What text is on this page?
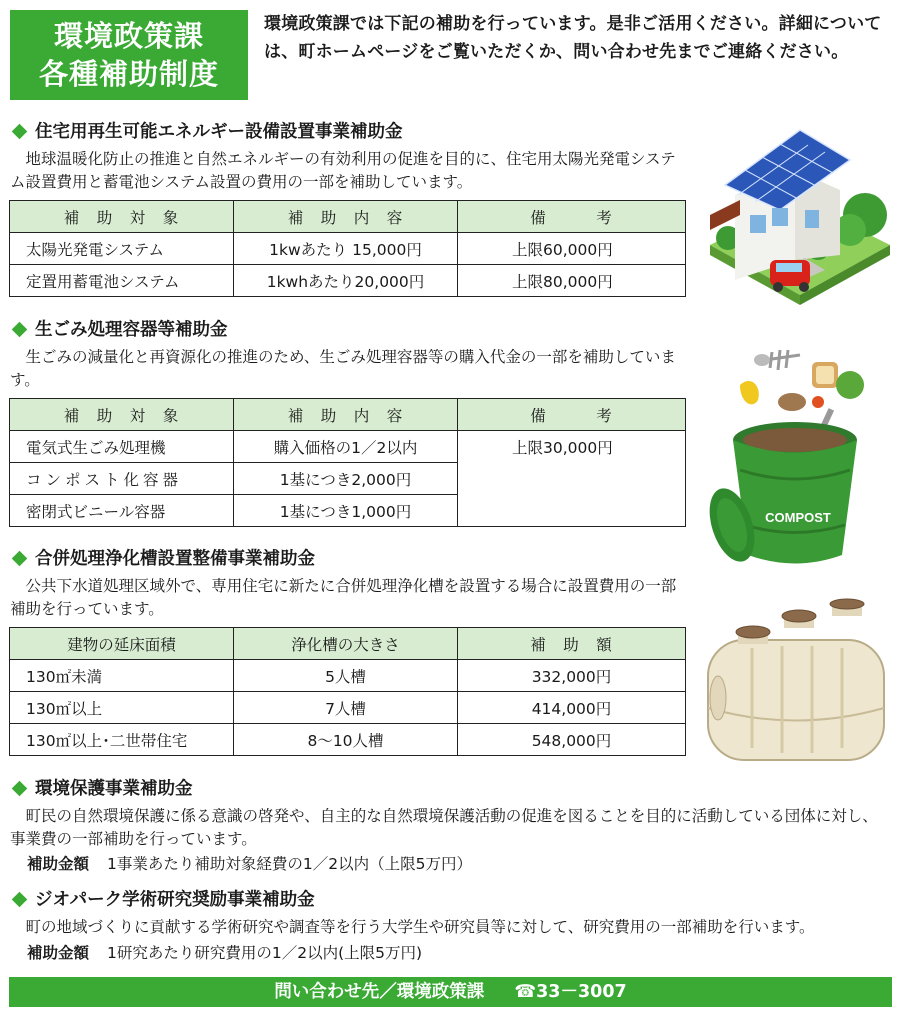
環境政策課
各種補助制度
環境政策課では下記の補助を行っています。是非ご活用ください。詳細については、町ホームページをご覧いただくか、問い合わせ先までご連絡ください。
住宅用再生可能エネルギー設備設置事業補助金
地球温暖化防止の推進と自然エネルギーの有効利用の促進を目的に、住宅用太陽光発電システム設置費用と蓄電池システム設置の費用の一部を補助しています。
補　助　対　象	補　助　内　容	備　　　考
太陽光発電システム	1kwあたり 15,000円	上限60,000円
定置用蓄電池システム	1kwhあたり20,000円	上限80,000円
生ごみ処理容器等補助金
生ごみの減量化と再資源化の推進のため、生ごみ処理容器等の購入代金の一部を補助しています。
補　助　対　象	補　助　内　容	備　　　考
電気式生ごみ処理機	購入価格の1／2以内	上限30,000円
コンポスト化容器	1基につき2,000円	
密閉式ビニール容器	1基につき1,000円		COMPOST
合併処理浄化槽設置整備事業補助金
公共下水道処理区域外で、専用住宅に新たに合併処理浄化槽を設置する場合に設置費用の一部補助を行っています。
建物の延床面積	浄化槽の大きさ	補　助　額
130㎡未満	5人槽	332,000円
130㎡以上	7人槽	414,000円
130㎡以上･二世帯住宅	8～10人槽	548,000円
環境保護事業補助金
町民の自然環境保護に係る意識の啓発や、自主的な自然環境保護活動の促進を図ることを目的に活動している団体に対し、事業費の一部補助を行っています。
補助金額 1事業あたり補助対象経費の1／2以内（上限5万円）
ジオパーク学術研究奨励事業補助金
町の地域づくりに貢献する学術研究や調査等を行う大学生や研究員等に対して、研究費用の一部補助を行います。
補助金額 1研究あたり研究費用の1／2以内(上限5万円)
問い合わせ先／環境政策課 ☎33－3007
